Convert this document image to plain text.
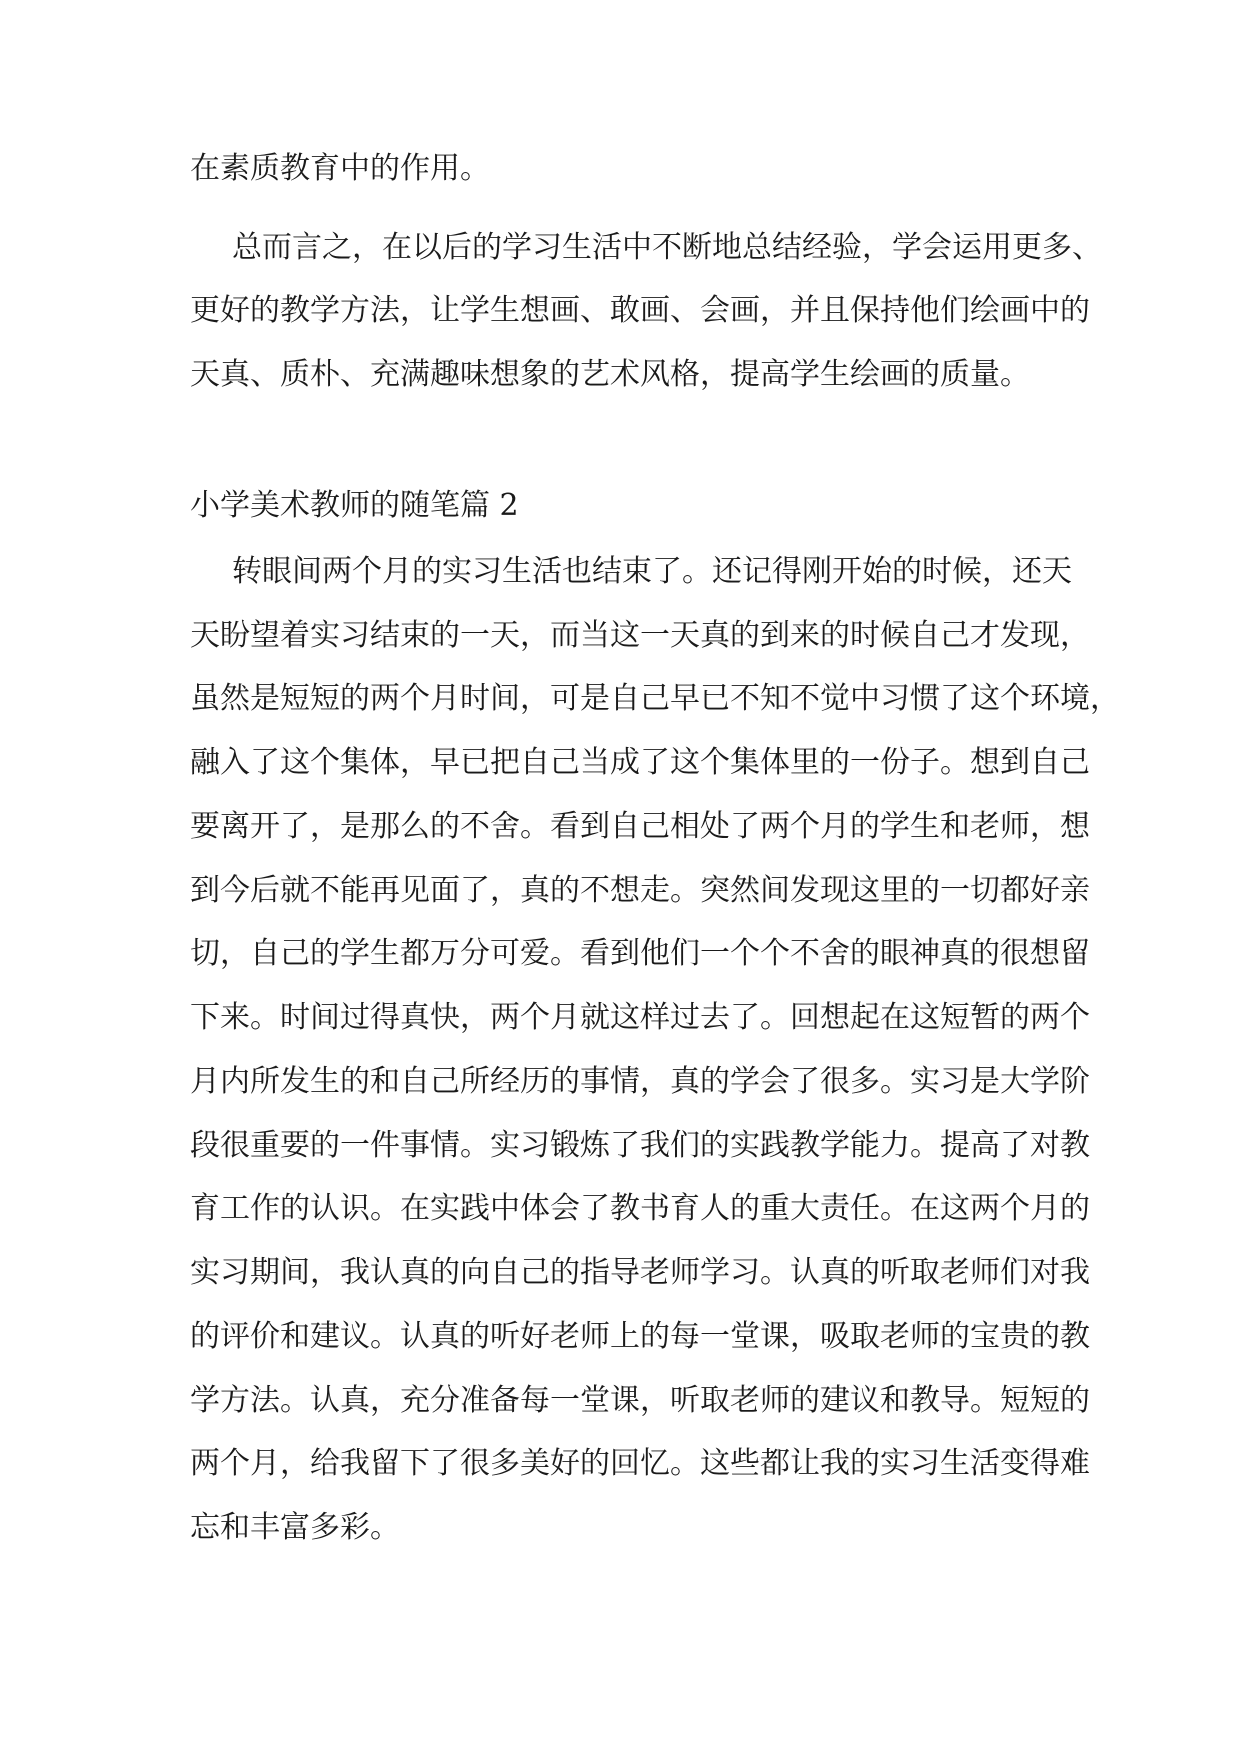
在素质教育中的作用。
总而言之，在以后的学习生活中不断地总结经验，学会运用更多、
更好的教学方法，让学生想画、敢画、会画，并且保持他们绘画中的
天真、质朴、充满趣味想象的艺术风格，提高学生绘画的质量。
小学美术教师的随笔篇 2
转眼间两个月的实习生活也结束了。还记得刚开始的时候，还天
天盼望着实习结束的一天，而当这一天真的到来的时候自己才发现，
虽然是短短的两个月时间，可是自己早已不知不觉中习惯了这个环境，
融入了这个集体，早已把自己当成了这个集体里的一份子。想到自己
要离开了，是那么的不舍。看到自己相处了两个月的学生和老师，想
到今后就不能再见面了，真的不想走。突然间发现这里的一切都好亲
切，自己的学生都万分可爱。看到他们一个个不舍的眼神真的很想留
下来。时间过得真快，两个月就这样过去了。回想起在这短暂的两个
月内所发生的和自己所经历的事情，真的学会了很多。实习是大学阶
段很重要的一件事情。实习锻炼了我们的实践教学能力。提高了对教
育工作的认识。在实践中体会了教书育人的重大责任。在这两个月的
实习期间，我认真的向自己的指导老师学习。认真的听取老师们对我
的评价和建议。认真的听好老师上的每一堂课，吸取老师的宝贵的教
学方法。认真，充分准备每一堂课，听取老师的建议和教导。短短的
两个月，给我留下了很多美好的回忆。这些都让我的实习生活变得难
忘和丰富多彩。
